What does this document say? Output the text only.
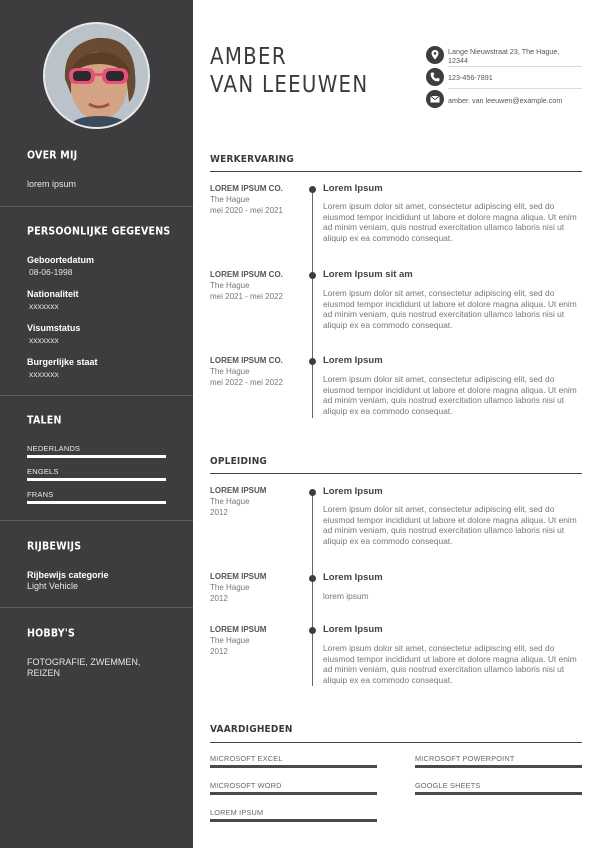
OVER MIJ
lorem ipsum
PERSOONLIJKE GEGEVENS
Geboortedatum
08-06-1998
Nationaliteit
xxxxxxx
Visumstatus
xxxxxxx
Burgerlijke staat
xxxxxxx
TALEN
NEDERLANDS
ENGELS
FRANS
RIJBEWIJS
Rijbewijs categorie
Light Vehicle
HOBBY'S
FOTOGRAFIE, ZWEMMEN,
REIZEN
AMBER
VAN LEEUWEN
Lange Nieuwstraat 23, The Hague, 12344
123-456-7891
amber. van leeuwen@example.com
WERKERVARING
LOREM IPSUM CO.
The Hague
mei 2020 - mei 2021
Lorem Ipsum
Lorem ipsum dolor sit amet, consectetur adipiscing elit, sed do eiusmod tempor incididunt ut labore et dolore magna aliqua. Ut enim ad minim veniam, quis nostrud exercitation ullamco laboris nisi ut aliquip ex ea commodo consequat.
LOREM IPSUM CO.
The Hague
mei 2021 - mei 2022
Lorem Ipsum sit am
Lorem ipsum dolor sit amet, consectetur adipiscing elit, sed do eiusmod tempor incididunt ut labore et dolore magna aliqua. Ut enim ad minim veniam, quis nostrud exercitation ullamco laboris nisi ut aliquip ex ea commodo consequat.
LOREM IPSUM CO.
The Hague
mei 2022 - mei 2022
Lorem Ipsum
Lorem ipsum dolor sit amet, consectetur adipiscing elit, sed do eiusmod tempor incididunt ut labore et dolore magna aliqua. Ut enim ad minim veniam, quis nostrud exercitation ullamco laboris nisi ut aliquip ex ea commodo consequat.
OPLEIDING
LOREM IPSUM
The Hague
2012
Lorem Ipsum
Lorem ipsum dolor sit amet, consectetur adipiscing elit, sed do eiusmod tempor incididunt ut labore et dolore magna aliqua. Ut enim ad minim veniam, quis nostrud exercitation ullamco laboris nisi ut aliquip ex ea commodo consequat.
LOREM IPSUM
The Hague
2012
Lorem Ipsum
lorem ipsum
LOREM IPSUM
The Hague
2012
Lorem Ipsum
Lorem ipsum dolor sit amet, consectetur adipiscing elit, sed do eiusmod tempor incididunt ut labore et dolore magna aliqua. Ut enim ad minim veniam, quis nostrud exercitation ullamco laboris nisi ut aliquip ex ea commodo consequat.
VAARDIGHEDEN
MICROSOFT EXCEL	MICROSOFT POWERPOINT
MICROSOFT WORD	GOOGLE SHEETS
LOREM IPSUM
